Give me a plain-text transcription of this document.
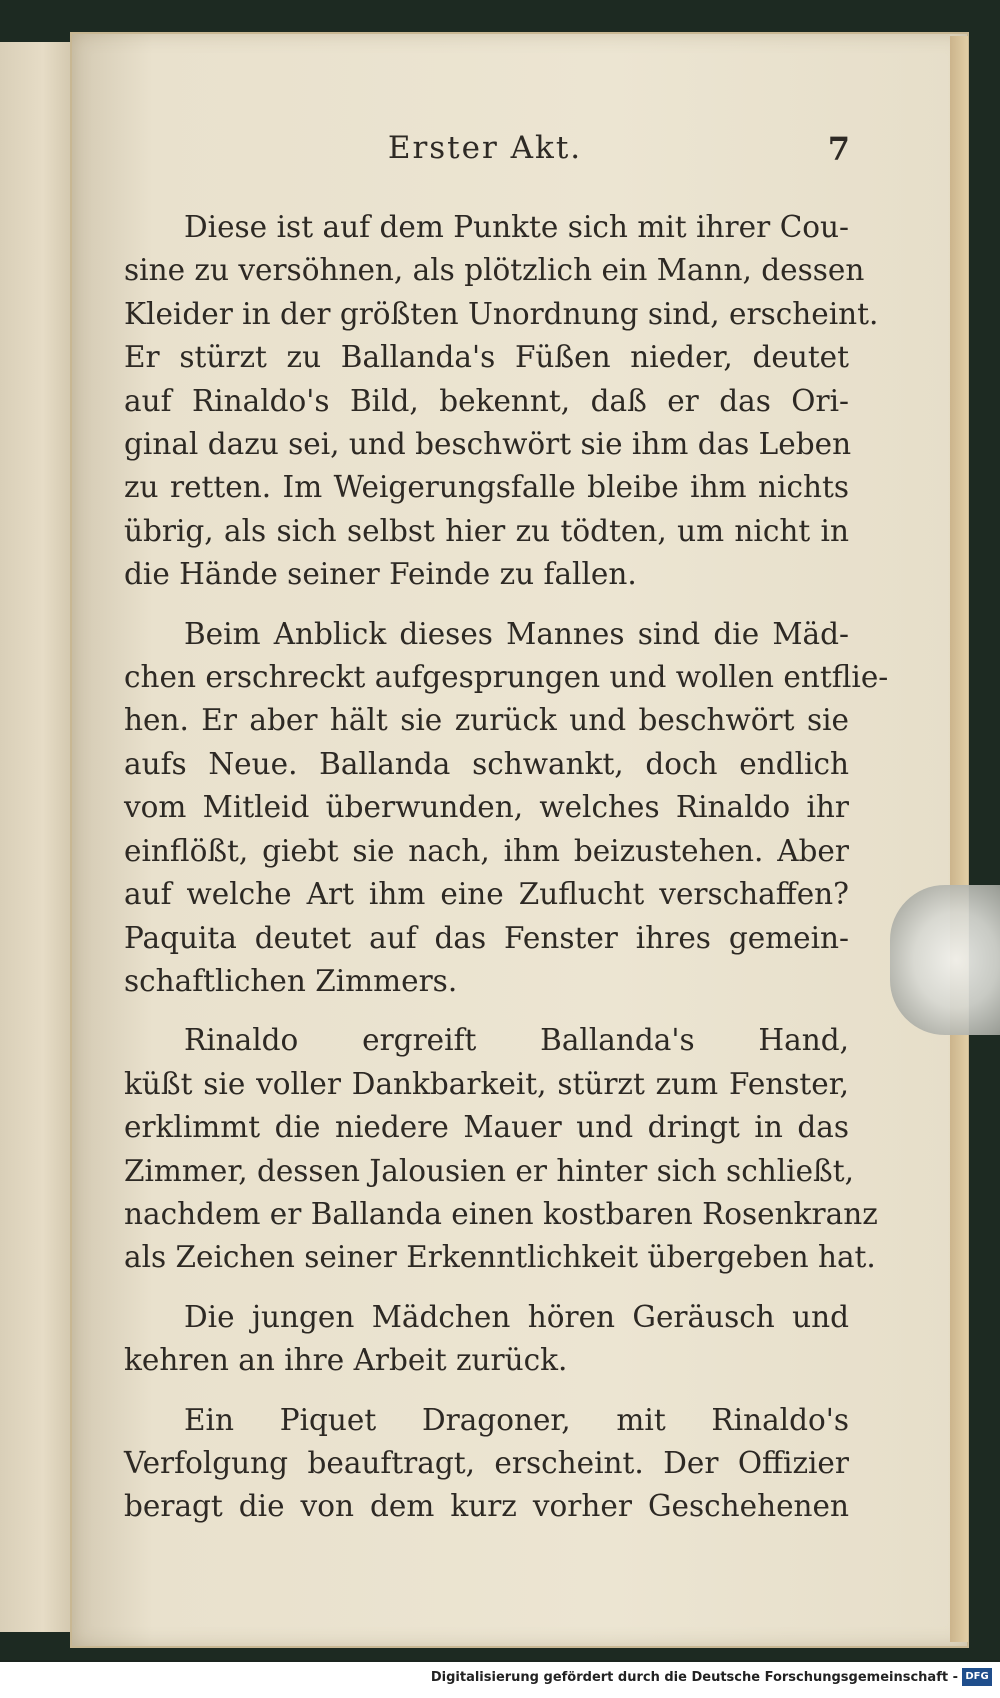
Erster Akt.	7
Diese ist auf dem Punkte sich mit ihrer Cou-
sine zu versöhnen, als plötzlich ein Mann, dessen
Kleider in der größten Unordnung sind, erscheint.
Er stürzt zu Ballanda's Füßen nieder, deutet
auf Rinaldo's Bild, bekennt, daß er das Ori-
ginal dazu sei, und beschwört sie ihm das Leben
zu retten. Im Weigerungsfalle bleibe ihm nichts
übrig, als sich selbst hier zu tödten, um nicht in
die Hände seiner Feinde zu fallen.
Beim Anblick dieses Mannes sind die Mäd-
chen erschreckt aufgesprungen und wollen entflie-
hen. Er aber hält sie zurück und beschwört sie
aufs Neue. Ballanda schwankt, doch endlich
vom Mitleid überwunden, welches Rinaldo ihr
einflößt, giebt sie nach, ihm beizustehen. Aber
auf welche Art ihm eine Zuflucht verschaffen?
Paquita deutet auf das Fenster ihres gemein-
schaftlichen Zimmers.
Rinaldo ergreift Ballanda's Hand,
küßt sie voller Dankbarkeit, stürzt zum Fenster,
erklimmt die niedere Mauer und dringt in das
Zimmer, dessen Jalousien er hinter sich schließt,
nachdem er Ballanda einen kostbaren Rosenkranz
als Zeichen seiner Erkenntlichkeit übergeben hat.
Die jungen Mädchen hören Geräusch und
kehren an ihre Arbeit zurück.
Ein Piquet Dragoner, mit Rinaldo's
Verfolgung beauftragt, erscheint. Der Offizier
beragt die von dem kurz vorher Geschehenen
Digitalisierung gefördert durch die Deutsche Forschungsgemeinschaft - DFG
